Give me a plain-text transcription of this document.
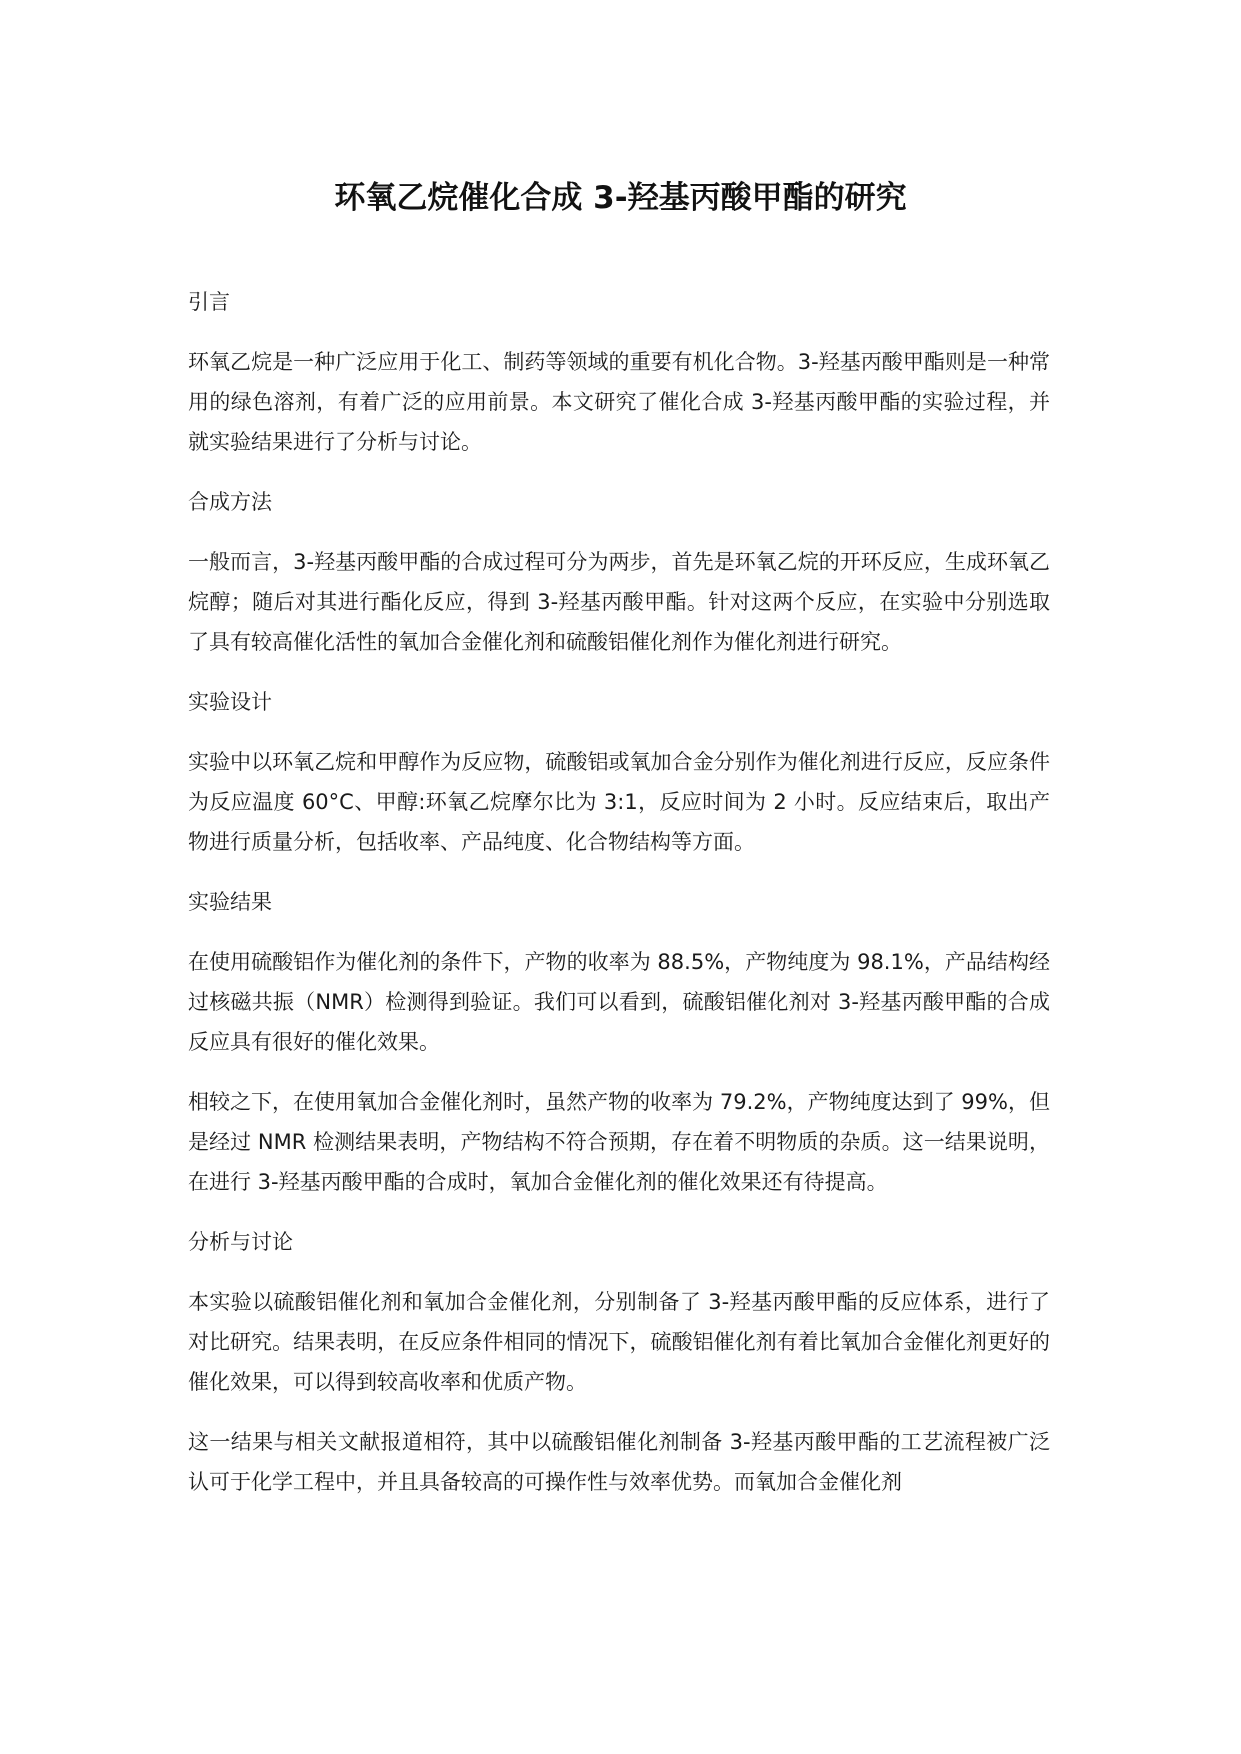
环氧乙烷催化合成 3-羟基丙酸甲酯的研究
引言

环氧乙烷是一种广泛应用于化工、制药等领域的重要有机化合物。3-羟基丙酸甲酯则是一种常用的绿色溶剂，有着广泛的应用前景。本文研究了催化合成 3-羟基丙酸甲酯的实验过程，并就实验结果进行了分析与讨论。

合成方法

一般而言，3-羟基丙酸甲酯的合成过程可分为两步，首先是环氧乙烷的开环反应，生成环氧乙烷醇；随后对其进行酯化反应，得到 3-羟基丙酸甲酯。针对这两个反应，在实验中分别选取了具有较高催化活性的氧加合金催化剂和硫酸铝催化剂作为催化剂进行研究。

实验设计

实验中以环氧乙烷和甲醇作为反应物，硫酸铝或氧加合金分别作为催化剂进行反应，反应条件为反应温度 60°C、甲醇:环氧乙烷摩尔比为 3:1，反应时间为 2 小时。反应结束后，取出产物进行质量分析，包括收率、产品纯度、化合物结构等方面。

实验结果

在使用硫酸铝作为催化剂的条件下，产物的收率为 88.5%，产物纯度为 98.1%，产品结构经过核磁共振（NMR）检测得到验证。我们可以看到，硫酸铝催化剂对 3-羟基丙酸甲酯的合成反应具有很好的催化效果。

相较之下，在使用氧加合金催化剂时，虽然产物的收率为 79.2%，产物纯度达到了 99%，但是经过 NMR 检测结果表明，产物结构不符合预期，存在着不明物质的杂质。这一结果说明，在进行 3-羟基丙酸甲酯的合成时，氧加合金催化剂的催化效果还有待提高。

分析与讨论

本实验以硫酸铝催化剂和氧加合金催化剂，分别制备了 3-羟基丙酸甲酯的反应体系，进行了对比研究。结果表明，在反应条件相同的情况下，硫酸铝催化剂有着比氧加合金催化剂更好的催化效果，可以得到较高收率和优质产物。

这一结果与相关文献报道相符，其中以硫酸铝催化剂制备 3-羟基丙酸甲酯的工艺流程被广泛认可于化学工程中，并且具备较高的可操作性与效率优势。而氧加合金催化剂
